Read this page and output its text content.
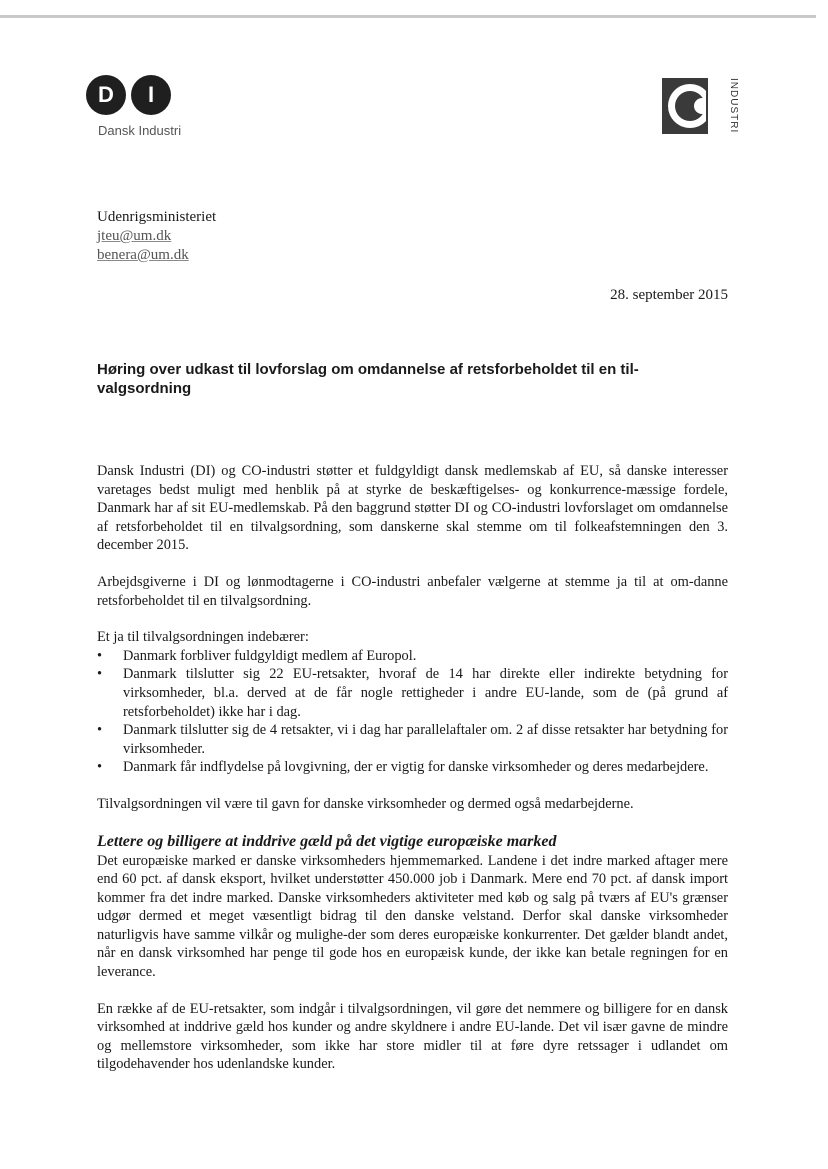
D	I
Dansk Industri	INDUSTRI
Udenrigsministeriet
jteu@um.dk
benera@um.dk
28. september 2015
Høring over udkast til lovforslag om omdannelse af retsforbeholdet til en til-valgsordning

Dansk Industri (DI) og CO-industri støtter et fuldgyldigt dansk medlemskab af EU, så danske interesser varetages bedst muligt med henblik på at styrke de beskæftigelses- og konkurrence-mæssige fordele, Danmark har af sit EU-medlemskab. På den baggrund støtter DI og CO-industri lovforslaget om omdannelse af retsforbeholdet til en tilvalgsordning, som danskerne skal stemme om til folkeafstemningen den 3. december 2015.

Arbejdsgiverne i DI og lønmodtagerne i CO-industri anbefaler vælgerne at stemme ja til at om-danne retsforbeholdet til en tilvalgsordning.

Et ja til tilvalgsordningen indebærer:

• Danmark forbliver fuldgyldigt medlem af Europol.
• Danmark tilslutter sig 22 EU-retsakter, hvoraf de 14 har direkte eller indirekte betydning for virksomheder, bl.a. derved at de får nogle rettigheder i andre EU-lande, som de (på grund af retsforbeholdet) ikke har i dag.
• Danmark tilslutter sig de 4 retsakter, vi i dag har parallelaftaler om. 2 af disse retsakter har betydning for virksomheder.
• Danmark får indflydelse på lovgivning, der er vigtig for danske virksomheder og deres medarbejdere.

Tilvalgsordningen vil være til gavn for danske virksomheder og dermed også medarbejderne.

Lettere og billigere at inddrive gæld på det vigtige europæiske marked

Det europæiske marked er danske virksomheders hjemmemarked. Landene i det indre marked aftager mere end 60 pct. af dansk eksport, hvilket understøtter 450.000 job i Danmark. Mere end 70 pct. af dansk import kommer fra det indre marked. Danske virksomheders aktiviteter med køb og salg på tværs af EU's grænser udgør dermed et meget væsentligt bidrag til den danske velstand. Derfor skal danske virksomheder naturligvis have samme vilkår og mulighe-der som deres europæiske konkurrenter. Det gælder blandt andet, når en dansk virksomhed har penge til gode hos en europæisk kunde, der ikke kan betale regningen for en leverance.

En række af de EU-retsakter, som indgår i tilvalgsordningen, vil gøre det nemmere og billigere for en dansk virksomhed at inddrive gæld hos kunder og andre skyldnere i andre EU-lande. Det vil især gavne de mindre og mellemstore virksomheder, som ikke har store midler til at føre dyre retssager i udlandet om tilgodehavender hos udenlandske kunder.
